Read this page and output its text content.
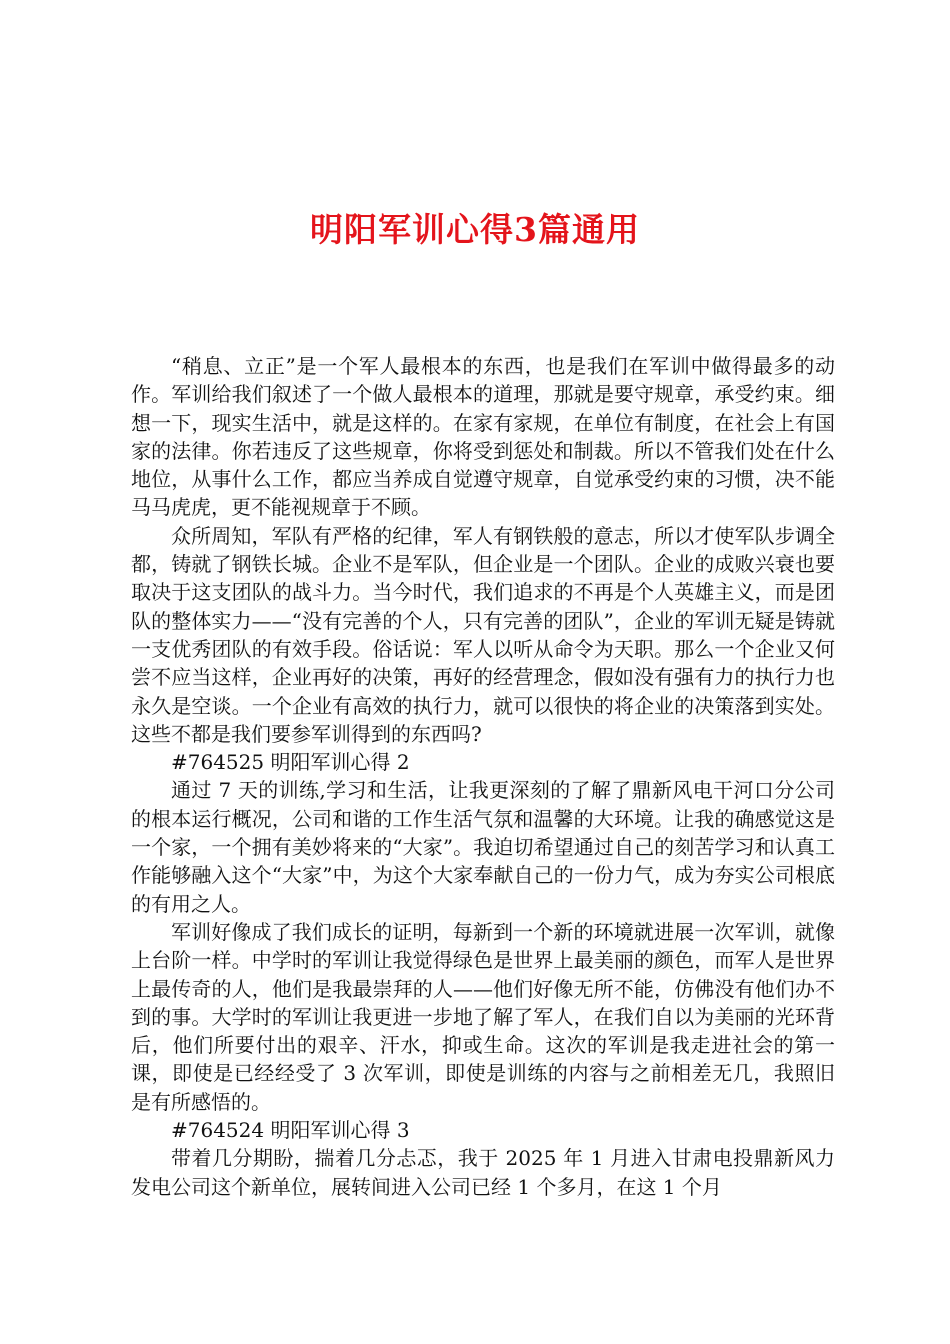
明阳军训心得3篇通用

“稍息、立正”是一个军人最根本的东西，也是我们在军训中做得最多的动作。军训给我们叙述了一个做人最根本的道理，那就是要守规章，承受约束。细想一下，现实生活中，就是这样的。在家有家规，在单位有制度，在社会上有国家的法律。你若违反了这些规章，你将受到惩处和制裁。所以不管我们处在什么地位，从事什么工作，都应当养成自觉遵守规章，自觉承受约束的习惯，决不能马马虎虎，更不能视规章于不顾。

众所周知，军队有严格的纪律，军人有钢铁般的意志，所以才使军队步调全都，铸就了钢铁长城。企业不是军队，但企业是一个团队。企业的成败兴衰也要取决于这支团队的战斗力。当今时代，我们追求的不再是个人英雄主义，而是团队的整体实力——“没有完善的个人，只有完善的团队”，企业的军训无疑是铸就一支优秀团队的有效手段。俗话说：军人以听从命令为天职。那么一个企业又何尝不应当这样，企业再好的决策，再好的经营理念，假如没有强有力的执行力也永久是空谈。一个企业有高效的执行力，就可以很快的将企业的决策落到实处。这些不都是我们要参军训得到的东西吗?

#764525 明阳军训心得 2

通过 7 天的训练,学习和生活，让我更深刻的了解了鼎新风电干河口分公司的根本运行概况，公司和谐的工作生活气氛和温馨的大环境。让我的确感觉这是一个家，一个拥有美妙将来的“大家”。我迫切希望通过自己的刻苦学习和认真工作能够融入这个“大家”中，为这个大家奉献自己的一份力气，成为夯实公司根底的有用之人。

军训好像成了我们成长的证明，每新到一个新的环境就进展一次军训，就像上台阶一样。中学时的军训让我觉得绿色是世界上最美丽的颜色，而军人是世界上最传奇的人，他们是我最崇拜的人——他们好像无所不能，仿佛没有他们办不到的事。大学时的军训让我更进一步地了解了军人，在我们自以为美丽的光环背后，他们所要付出的艰辛、汗水，抑或生命。这次的军训是我走进社会的第一课，即使是已经经受了 3 次军训，即使是训练的内容与之前相差无几，我照旧是有所感悟的。

#764524 明阳军训心得 3

带着几分期盼，揣着几分忐忑，我于 2025 年 1 月进入甘肃电投鼎新风力发电公司这个新单位，展转间进入公司已经 1 个多月，在这 1 个月
